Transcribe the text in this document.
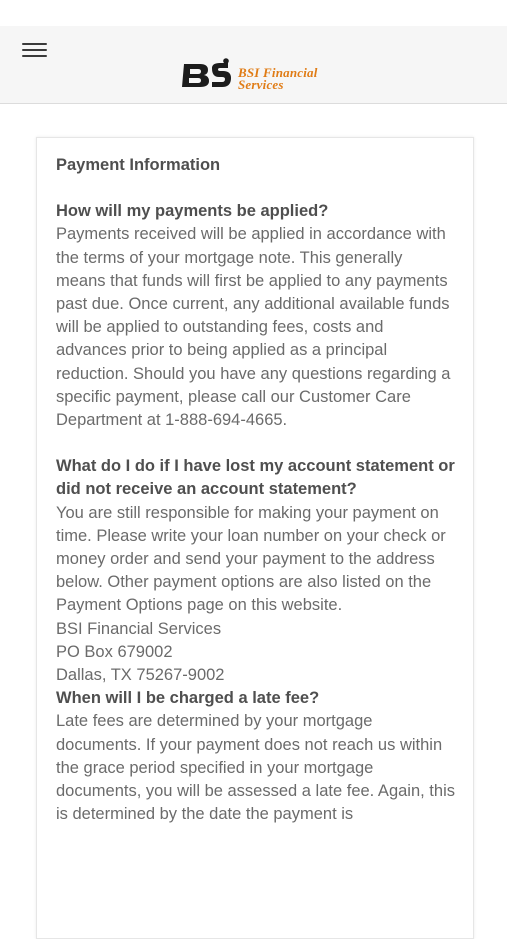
BSI Financial
Services

Payment Information

How will my payments be applied?

Payments received will be applied in accordance with the terms of your mortgage note. This generally means that funds will first be applied to any payments past due. Once current, any additional available funds will be applied to outstanding fees, costs and advances prior to being applied as a principal reduction. Should you have any questions regarding a specific payment, please call our Customer Care Department at 1-888-694-4665.

What do I do if I have lost my account statement or did not receive an account statement?

You are still responsible for making your payment on time. Please write your loan number on your check or money order and send your payment to the address below. Other payment options are also listed on the Payment Options page on this website.

BSI Financial Services

PO Box 679002

Dallas, TX 75267-9002

When will I be charged a late fee?

Late fees are determined by your mortgage documents. If your payment does not reach us within the grace period specified in your mortgage documents, you will be assessed a late fee. Again, this is determined by the date the payment is
